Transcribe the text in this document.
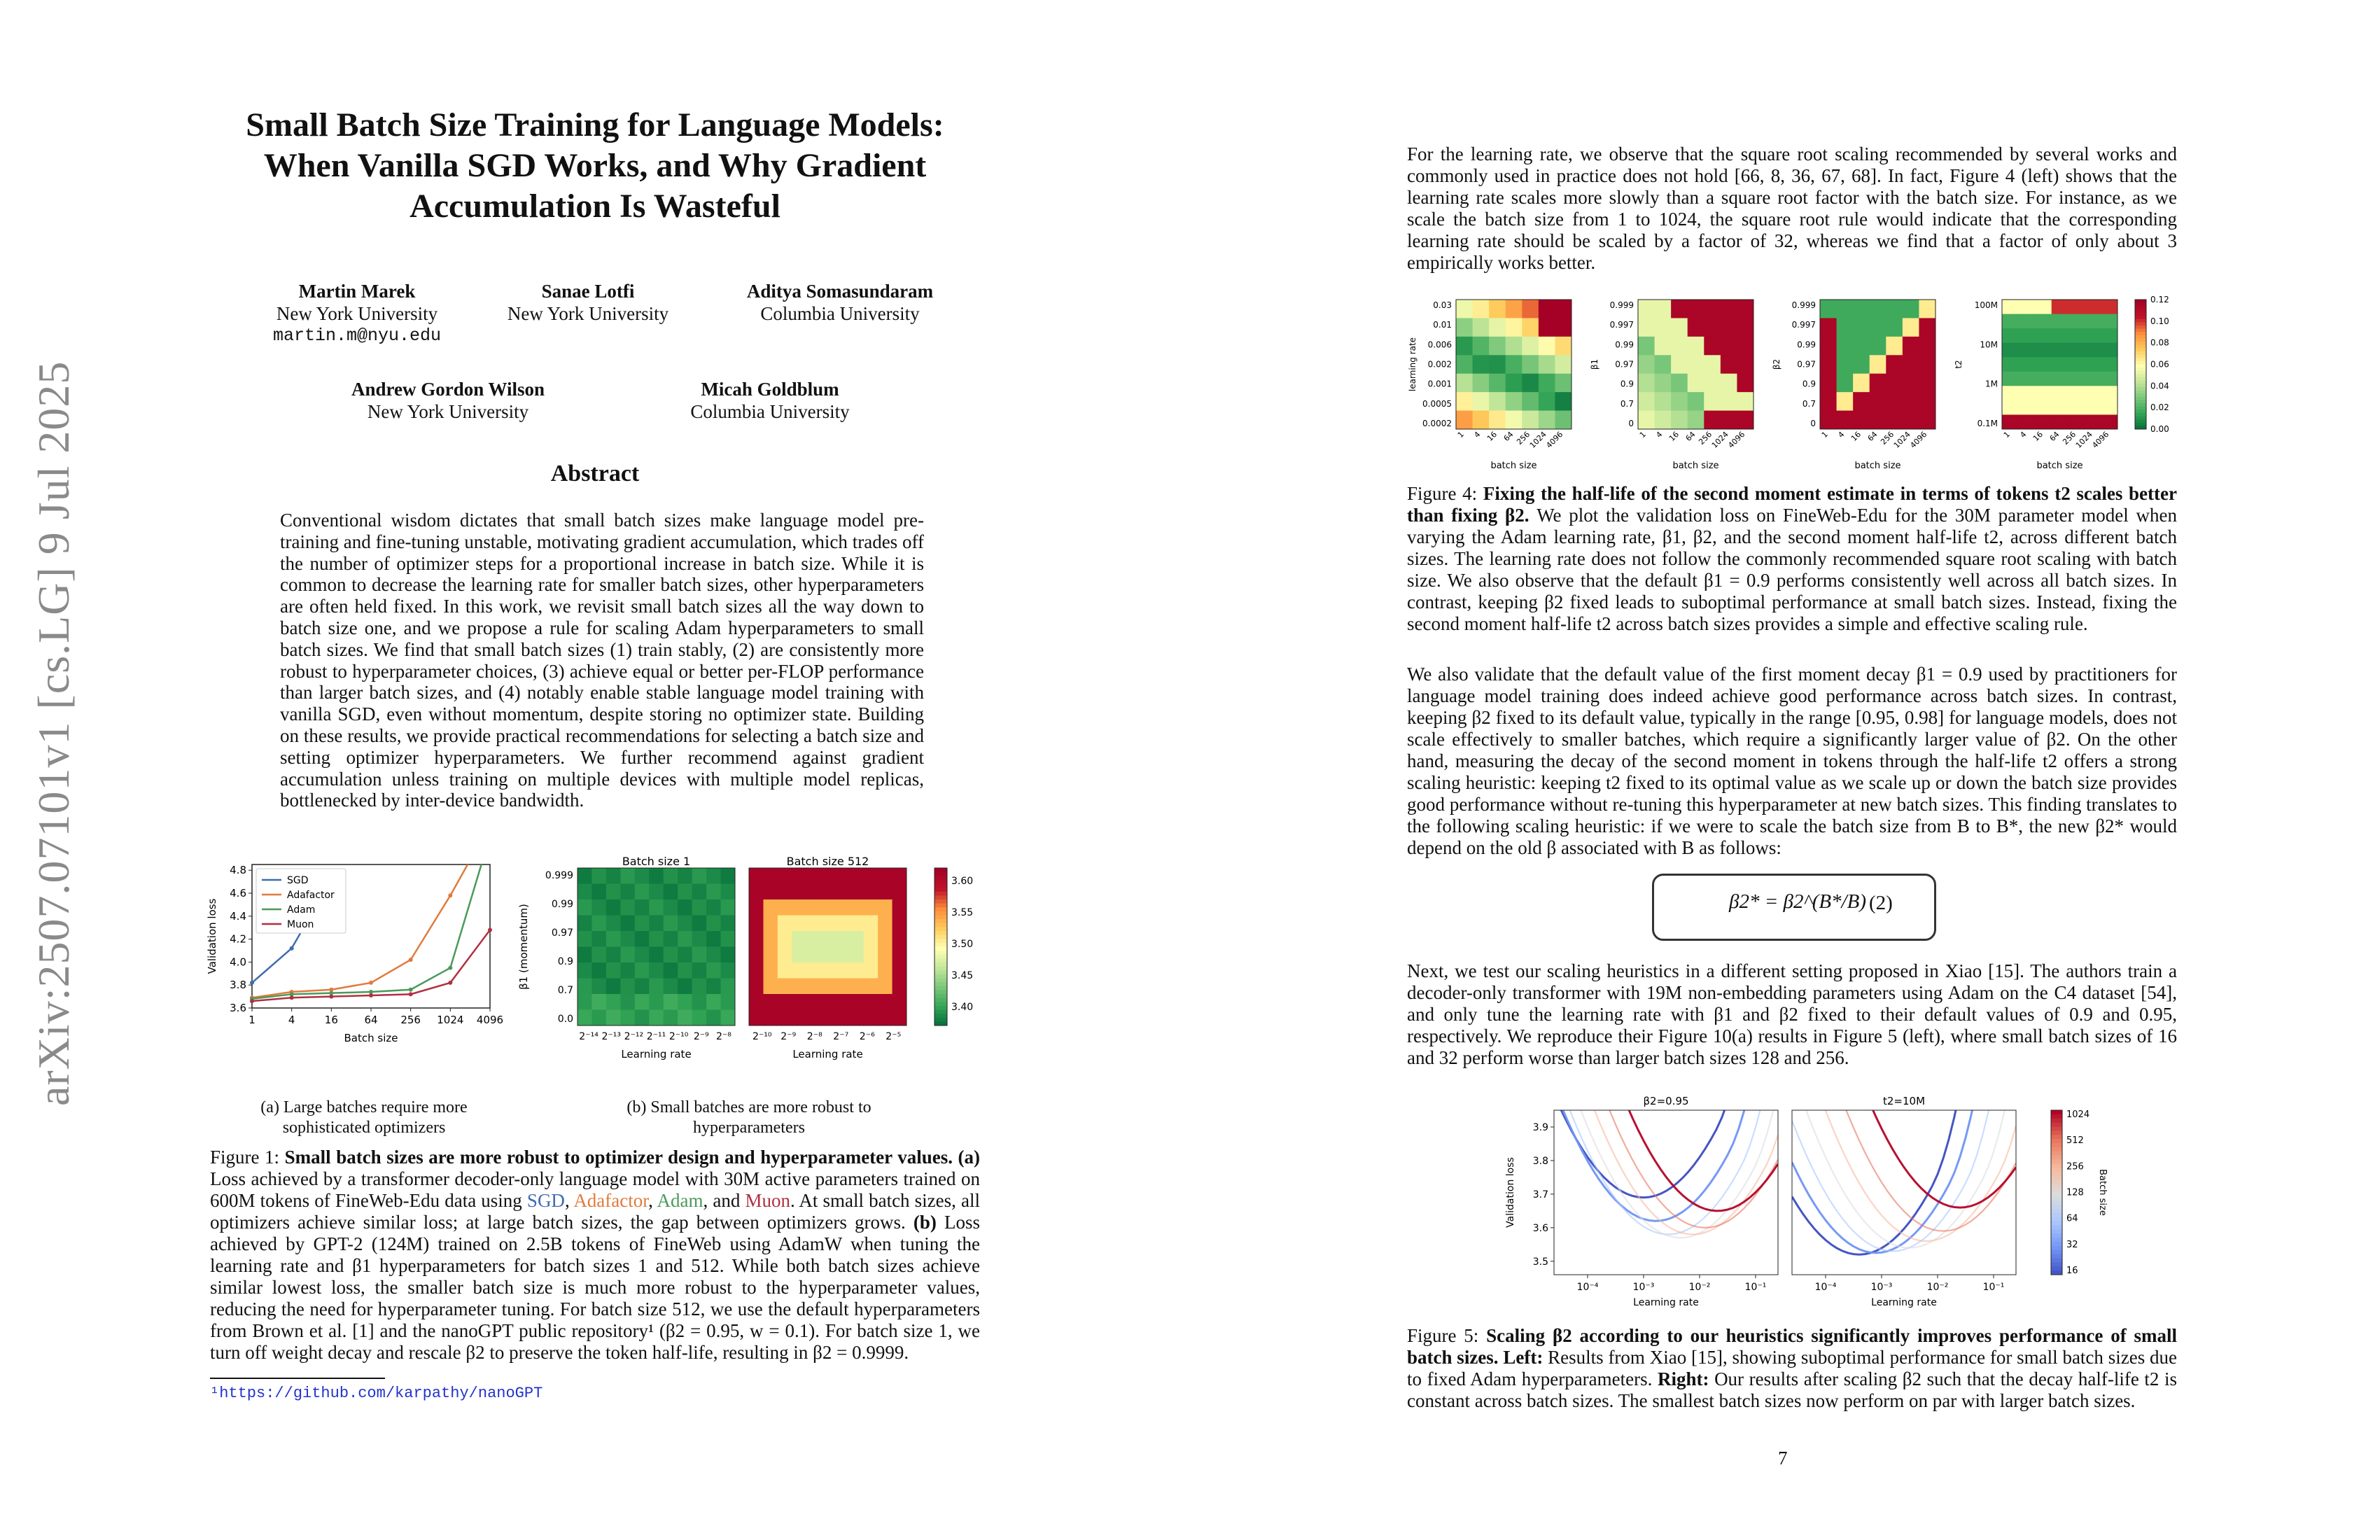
arXiv:2507.07101v1 [cs.LG] 9 Jul 2025
Small Batch Size Training for Language Models: When Vanilla SGD Works, and Why Gradient Accumulation Is Wasteful
Martin Marek
New York University
martin.m@nyu.edu
Sanae Lotfi
New York University
Aditya Somasundaram
Columbia University
Andrew Gordon Wilson
New York University
Micah Goldblum
Columbia University
Abstract

Conventional wisdom dictates that small batch sizes make language model pre-training and fine-tuning unstable, motivating gradient accumulation, which trades off the number of optimizer steps for a proportional increase in batch size. While it is common to decrease the learning rate for smaller batch sizes, other hyperparameters are often held fixed. In this work, we revisit small batch sizes all the way down to batch size one, and we propose a rule for scaling Adam hyperparameters to small batch sizes. We find that small batch sizes (1) train stably, (2) are consistently more robust to hyperparameter choices, (3) achieve equal or better per-FLOP performance than larger batch sizes, and (4) notably enable stable language model training with vanilla SGD, even without momentum, despite storing no optimizer state. Building on these results, we provide practical recommendations for selecting a batch size and setting optimizer hyperparameters. We further recommend against gradient accumulation unless training on multiple devices with multiple model replicas, bottlenecked by inter-device bandwidth.

1	4	16	64 256 1024 4096
3.6
3.8
4.0
4.2
4.4
4.6
4.8
Batch size
Validation loss
SGD
Adafactor
Adam
Muon
Batch size 1
2⁻¹⁴ 2⁻¹³ 2⁻¹² 2⁻¹¹ 2⁻¹⁰ 2⁻⁹ 2⁻⁸
Learning rate
Batch size 512
2⁻¹⁰ 2⁻⁹ 2⁻⁸ 2⁻⁷ 2⁻⁶ 2⁻⁵
Learning rate
0.999
0.99
0.97
0.9
0.7
0.0
β1 (momentum)
3.60
3.55
3.50
3.45
3.40

(a) Large batches require more sophisticated optimizers

(b) Small batches are more robust to hyperparameters

Figure 1: Small batch sizes are more robust to optimizer design and hyperparameter values. (a) Loss achieved by a transformer decoder-only language model with 30M active parameters trained on 600M tokens of FineWeb-Edu data using SGD, Adafactor, Adam, and Muon. At small batch sizes, all optimizers achieve similar loss; at large batch sizes, the gap between optimizers grows. (b) Loss achieved by GPT-2 (124M) trained on 2.5B tokens of FineWeb using AdamW when tuning the learning rate and β1 hyperparameters for batch sizes 1 and 512. While both batch sizes achieve similar lowest loss, the smaller batch size is much more robust to the hyperparameter values, reducing the need for hyperparameter tuning. For batch size 512, we use the default hyperparameters from Brown et al. [1] and the nanoGPT public repository¹ (β2 = 0.95, w = 0.1). For batch size 1, we turn off weight decay and rescale β2 to preserve the token half-life, resulting in β2 = 0.9999.

¹https://github.com/karpathy/nanoGPT

For the learning rate, we observe that the square root scaling recommended by several works and commonly used in practice does not hold [66, 8, 36, 67, 68]. In fact, Figure 4 (left) shows that the learning rate scales more slowly than a square root factor with the batch size. For instance, as we scale the batch size from 1 to 1024, the square root rule would indicate that the corresponding learning rate should be scaled by a factor of 32, whereas we find that a factor of only about 3 empirically works better.

0.03
0.01
0.006
0.002
0.001
0.0005
0.0002
learning rate
1 4 16 64 256
1024
4096
batch size
0.999
0.997
0.99
0.97
0.9
0.7
0
β1
1 4 16 64 256
1024
4096
batch size
0.999
0.997
0.99
0.97
0.9
0.7
0
β2
1 4 16 64 256
1024
4096
batch size
100M
10M
1M
0.1M
t2
1 4 16 64 256
1024
4096
batch size
0.12
0.10
0.08
0.06
0.04
0.02
0.00

Figure 4: Fixing the half-life of the second moment estimate in terms of tokens t2 scales better than fixing β2. We plot the validation loss on FineWeb-Edu for the 30M parameter model when varying the Adam learning rate, β1, β2, and the second moment half-life t2, across different batch sizes. The learning rate does not follow the commonly recommended square root scaling with batch size. We also observe that the default β1 = 0.9 performs consistently well across all batch sizes. In contrast, keeping β2 fixed leads to suboptimal performance at small batch sizes. Instead, fixing the second moment half-life t2 across batch sizes provides a simple and effective scaling rule.

We also validate that the default value of the first moment decay β1 = 0.9 used by practitioners for language model training does indeed achieve good performance across batch sizes. In contrast, keeping β2 fixed to its default value, typically in the range [0.95, 0.98] for language models, does not scale effectively to smaller batches, which require a significantly larger value of β2. On the other hand, measuring the decay of the second moment in tokens through the half-life t2 offers a strong scaling heuristic: keeping t2 fixed to its optimal value as we scale up or down the batch size provides good performance without re-tuning this hyperparameter at new batch sizes. This finding translates to the following scaling heuristic: if we were to scale the batch size from B to B*, the new β2* would depend on the old β associated with B as follows:

β2* = β2^(B*/B) (2)

Next, we test our scaling heuristics in a different setting proposed in Xiao [15]. The authors train a decoder-only transformer with 19M non-embedding parameters using Adam on the C4 dataset [54], and only tune the learning rate with β1 and β2 fixed to their default values of 0.9 and 0.95, respectively. We reproduce their Figure 10(a) results in Figure 5 (left), where small batch sizes of 16 and 32 perform worse than larger batch sizes 128 and 256.

β2=0.95
10⁻⁴	10⁻³	10⁻²	10⁻¹
Learning rate
3.5
3.6
3.7
3.8
3.9
Validation loss
t2=10M
10⁻⁴	10⁻³	10⁻²	10⁻¹
Learning rate
1024
512
256
128
64
32
16
Batch size

Figure 5: Scaling β2 according to our heuristics significantly improves performance of small batch sizes. Left: Results from Xiao [15], showing suboptimal performance for small batch sizes due to fixed Adam hyperparameters. Right: Our results after scaling β2 such that the decay half-life t2 is constant across batch sizes. The smallest batch sizes now perform on par with larger batch sizes.

7
